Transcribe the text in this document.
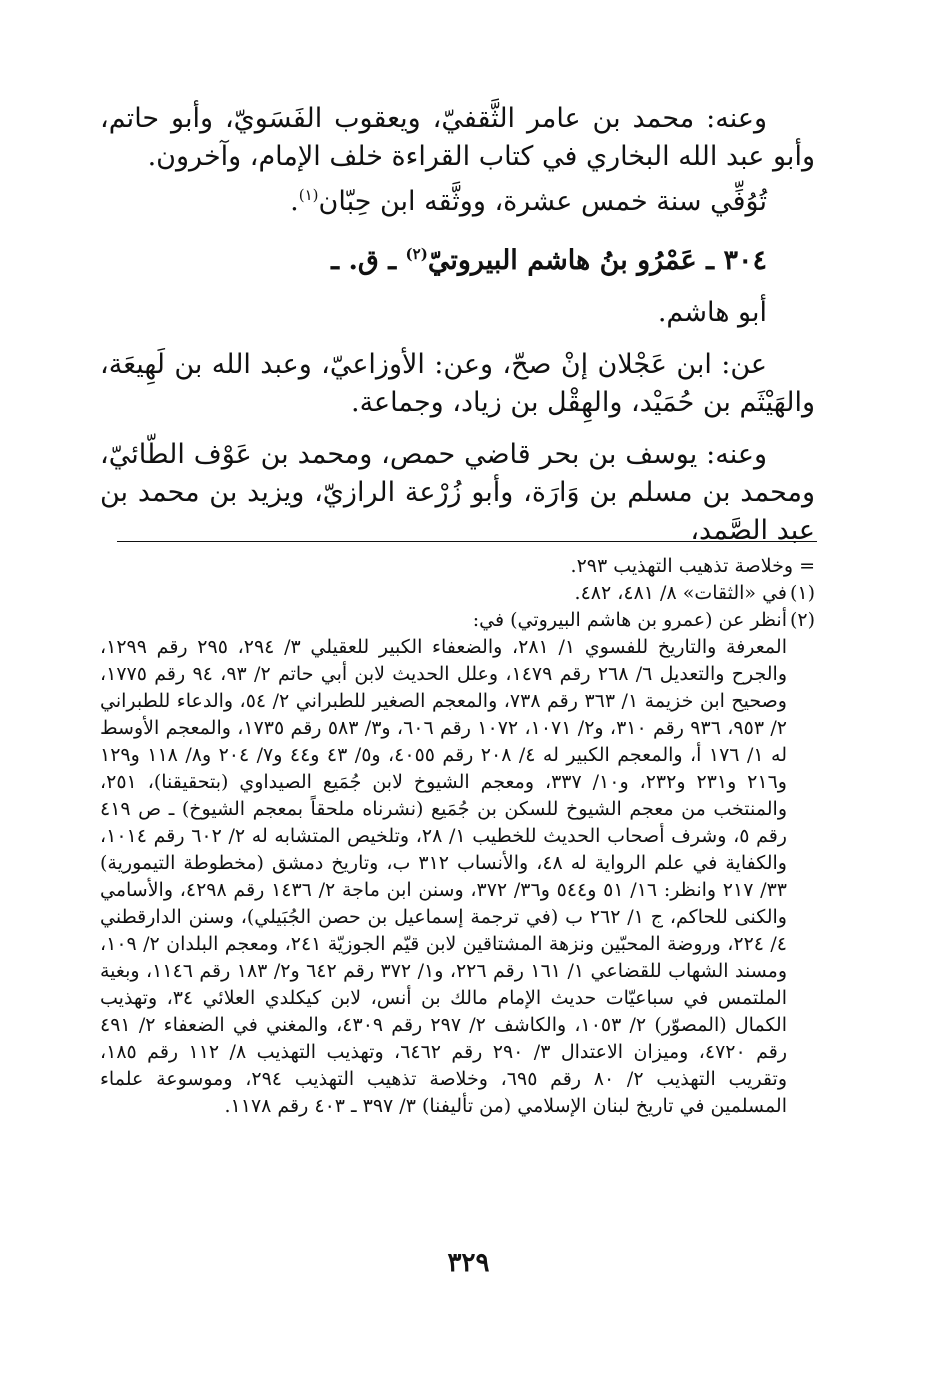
وعنه: محمد بن عامر الثَّقفيّ، ويعقوب الفَسَويّ، وأبو حاتم، وأبو عبد الله البخاري في كتاب القراءة خلف الإمام، وآخرون.

تُوُفِّي سنة خمس عشرة، ووثَّقه ابن حِبّان$^{(١)}$.

٣٠٤ ـ عَمْرُو بنُ هاشم البيروتيّ$^{(٢)}$ ـ ق. ـ

أبو هاشم.

عن: ابن عَجْلان إنْ صحّ، وعن: الأوزاعيّ، وعبد الله بن لَهِيعَة، والهَيْثَم بن حُمَيْد، والهِقْل بن زياد، وجماعة.

وعنه: يوسف بن بحر قاضي حمص، ومحمد بن عَوْف الطّائيّ، ومحمد بن مسلم بن وَارَة، وأبو زُرْعة الرازيّ، ويزيد بن محمد بن عبد الصَّمد،

= وخلاصة تذهيب التهذيب ٢٩٣.

(١)في «الثقات» ٨/ ٤٨١، ٤٨٢.

(٢)أنظر عن (عمرو بن هاشم البيروتي) في:

المعرفة والتاريخ للفسوي ١/ ٢٨١، والضعفاء الكبير للعقيلي ٣/ ٢٩٤، ٢٩٥ رقم ١٢٩٩، والجرح والتعديل ٦/ ٢٦٨ رقم ١٤٧٩، وعلل الحديث لابن أبي حاتم ٢/ ٩٣، ٩٤ رقم ١٧٧٥، وصحيح ابن خزيمة ١/ ٣٦٣ رقم ٧٣٨، والمعجم الصغير للطبراني ٢/ ٥٤، والدعاء للطبراني ٢/ ٩٥٣، ٩٣٦ رقم ٣١٠، و٢/ ١٠٧١، ١٠٧٢ رقم ٦٠٦، و٣/ ٥٨٣ رقم ١٧٣٥، والمعجم الأوسط له ١/ ١٧٦ أ، والمعجم الكبير له ٤/ ٢٠٨ رقم ٤٠٥٥، و٥/ ٤٣ و٤٤ و٧/ ٢٠٤ و٨/ ١١٨ و١٢٩ و٢١٦ و٢٣١ و٢٣٢، و١٠/ ٣٣٧، ومعجم الشيوخ لابن جُمَيع الصيداوي (بتحقيقنا)، ٢٥١، والمنتخب من معجم الشيوخ للسكن بن جُمَيع (نشرناه ملحقاً بمعجم الشيوخ) ـ ص ٤١٩ رقم ٥، وشرف أصحاب الحديث للخطيب ١/ ٢٨، وتلخيص المتشابه له ٢/ ٦٠٢ رقم ١٠١٤، والكفاية في علم الرواية له ٤٨، والأنساب ٣١٢ ب، وتاريخ دمشق (مخطوطة التيمورية) ٣٣/ ٢١٧ وانظر: ١٦/ ٥١ و٥٤٤ و٣٦/ ٣٧٢، وسنن ابن ماجة ٢/ ١٤٣٦ رقم ٤٢٩٨، والأسامي والكنى للحاكم، ج ١/ ٢٦٢ ب (في ترجمة إسماعيل بن حصن الجُبَيلي)، وسنن الدارقطني ٤/ ٢٢٤، وروضة المحبّين ونزهة المشتاقين لابن قيّم الجوزيّة ٢٤١، ومعجم البلدان ٢/ ١٠٩، ومسند الشهاب للقضاعي ١/ ١٦١ رقم ٢٢٦، و١/ ٣٧٢ رقم ٦٤٢ و٢/ ١٨٣ رقم ١١٤٦، وبغية الملتمس في سباعيّات حديث الإمام مالك بن أنس، لابن كيكلدي العلائي ٣٤، وتهذيب الكمال (المصوّر) ٢/ ١٠٥٣، والكاشف ٢/ ٢٩٧ رقم ٤٣٠٩، والمغني في الضعفاء ٢/ ٤٩١ رقم ٤٧٢٠، وميزان الاعتدال ٣/ ٢٩٠ رقم ٦٤٦٢، وتهذيب التهذيب ٨/ ١١٢ رقم ١٨٥، وتقريب التهذيب ٢/ ٨٠ رقم ٦٩٥، وخلاصة تذهيب التهذيب ٢٩٤، وموسوعة علماء المسلمين في تاريخ لبنان الإسلامي (من تأليفنا) ٣/ ٣٩٧ ـ ٤٠٣ رقم ١١٧٨.

٣٢٩
